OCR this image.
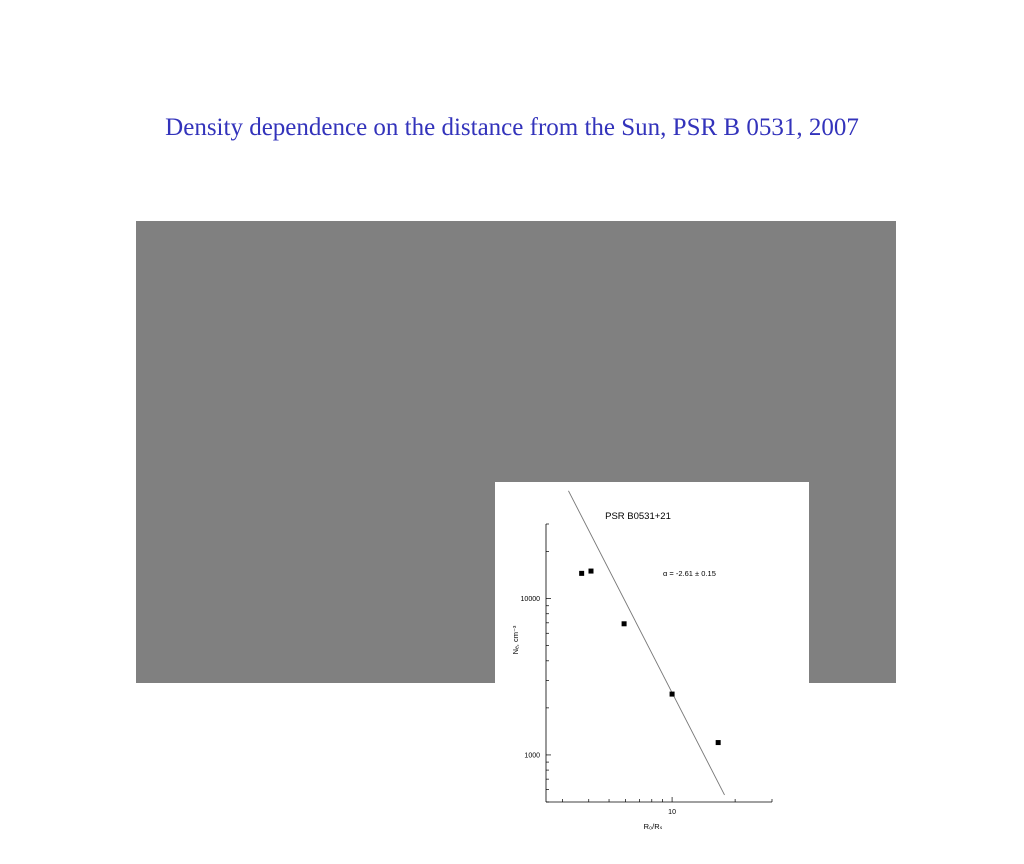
Density dependence on the distance from the Sun, PSR B 0531, 2007
PSR B0531+21
1000
10000
10
α = -2.61 ± 0.15
R₀/Rₛ
Nₑ, cm⁻³
